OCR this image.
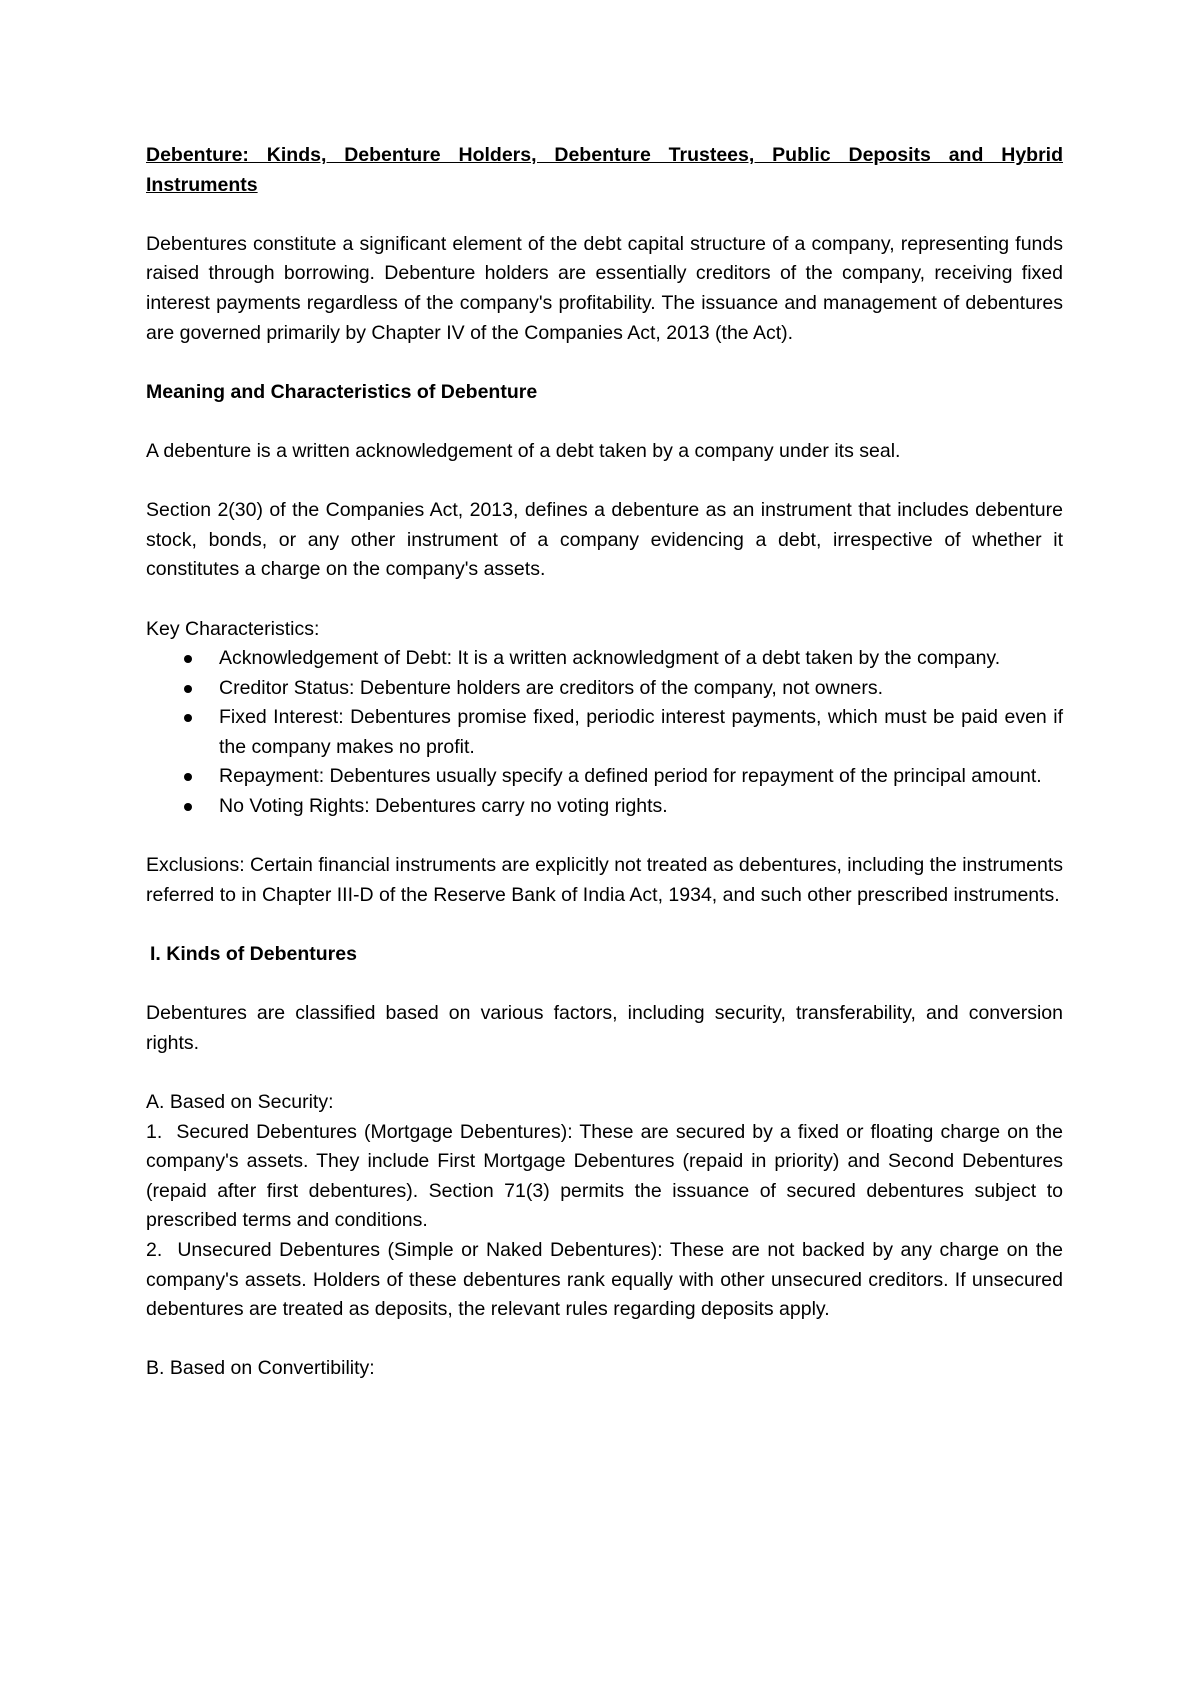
Debenture: Kinds, Debenture Holders, Debenture Trustees, Public Deposits and Hybrid Instruments

Debentures constitute a significant element of the debt capital structure of a company, representing funds raised through borrowing. Debenture holders are essentially creditors of the company, receiving fixed interest payments regardless of the company's profitability. The issuance and management of debentures are governed primarily by Chapter IV of the Companies Act, 2013 (the Act).

Meaning and Characteristics of Debenture

A debenture is a written acknowledgement of a debt taken by a company under its seal.

Section 2(30) of the Companies Act, 2013, defines a debenture as an instrument that includes debenture stock, bonds, or any other instrument of a company evidencing a debt, irrespective of whether it constitutes a charge on the company's assets.

Key Characteristics:

Acknowledgement of Debt: It is a written acknowledgment of a debt taken by the company.
Creditor Status: Debenture holders are creditors of the company, not owners.
Fixed Interest: Debentures promise fixed, periodic interest payments, which must be paid even if the company makes no profit.
Repayment: Debentures usually specify a defined period for repayment of the principal amount.
No Voting Rights: Debentures carry no voting rights.

Exclusions: Certain financial instruments are explicitly not treated as debentures, including the instruments referred to in Chapter III-D of the Reserve Bank of India Act, 1934, and such other prescribed instruments.

I. Kinds of Debentures

Debentures are classified based on various factors, including security, transferability, and conversion rights.

A. Based on Security:

1.  Secured Debentures (Mortgage Debentures): These are secured by a fixed or floating charge on the company's assets. They include First Mortgage Debentures (repaid in priority) and Second Debentures (repaid after first debentures). Section 71(3) permits the issuance of secured debentures subject to prescribed terms and conditions.

2.  Unsecured Debentures (Simple or Naked Debentures): These are not backed by any charge on the company's assets. Holders of these debentures rank equally with other unsecured creditors. If unsecured debentures are treated as deposits, the relevant rules regarding deposits apply.

B. Based on Convertibility:
